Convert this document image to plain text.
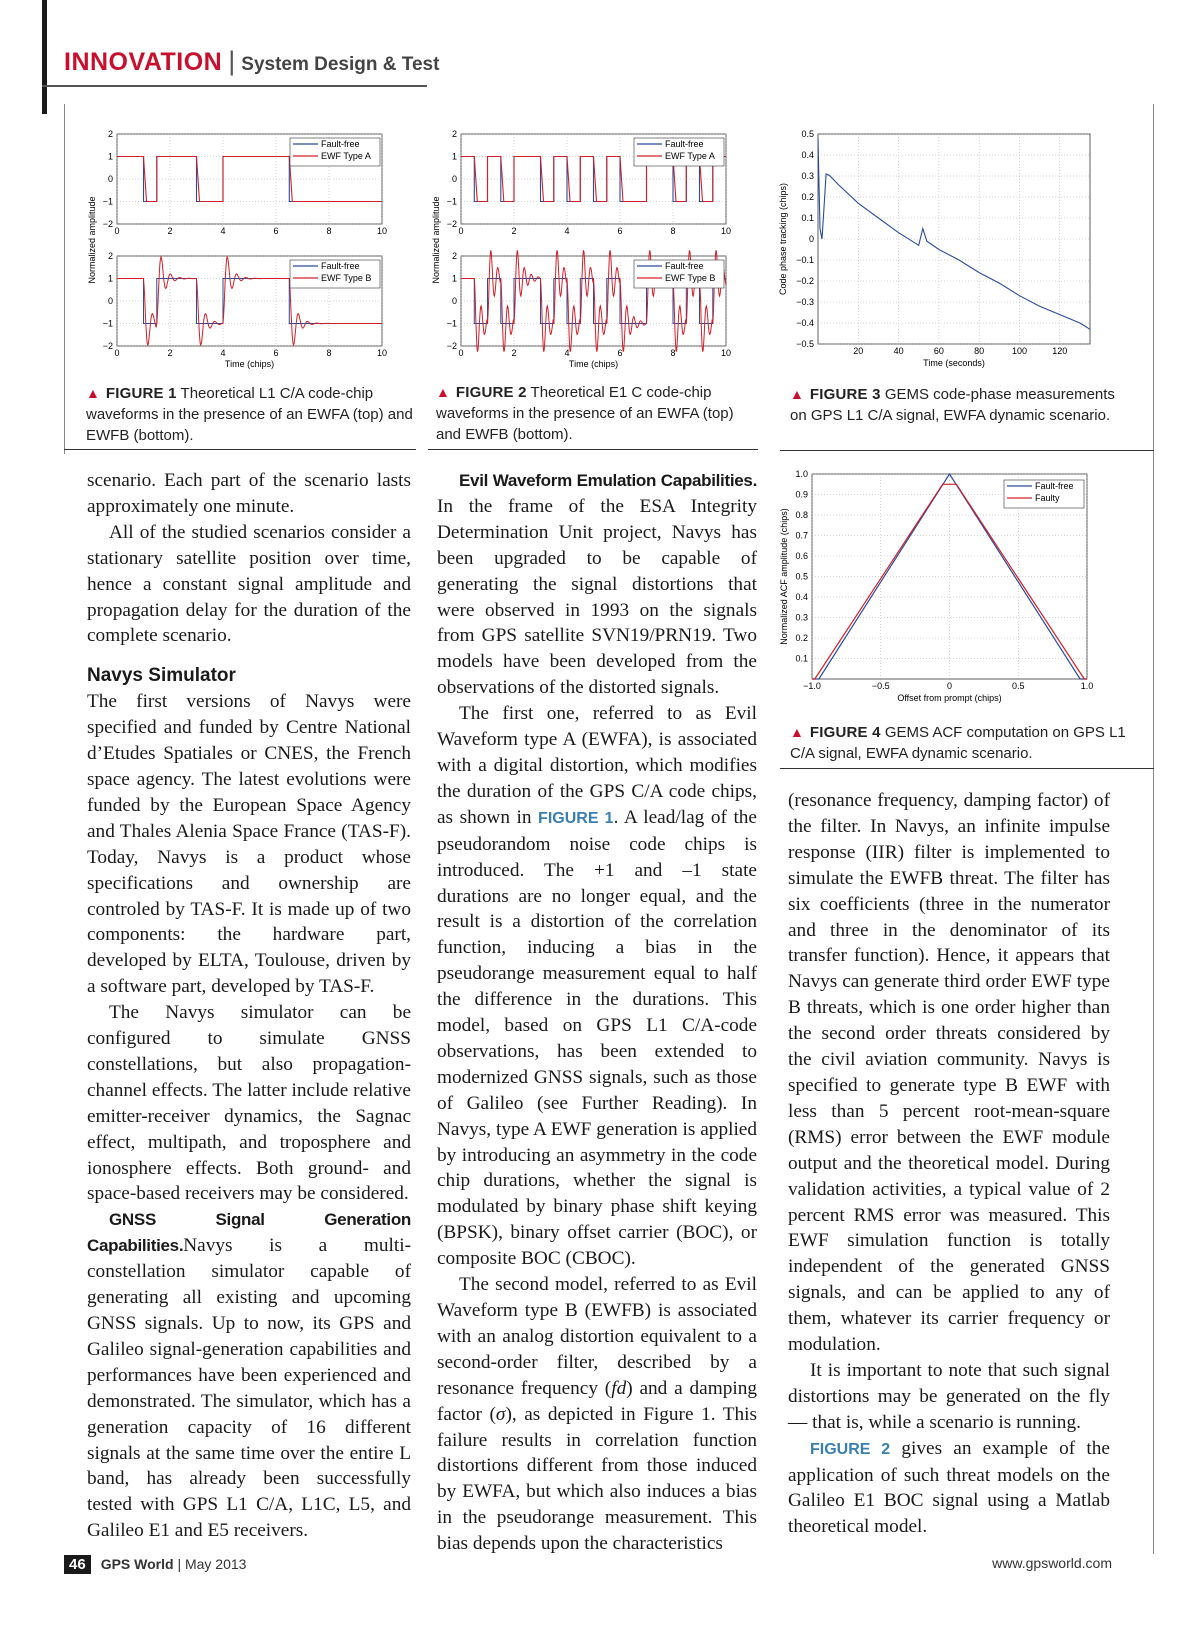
INNOVATION | System Design & Test
0	2	4	6	8	10
2
1
0
−1
−2
Fault-free
EWF Type A
0	2	4	6	8	10
2
1
0
−1
−2
Fault-free
EWF Type B
Time (chips)
Normalized amplitude
▲ FIGURE 1 Theoretical L1 C/A code-chip waveforms in the presence of an EWFA (top) and EWFB (bottom).
0	2	4	6	8	10
2
1
0
−1
−2
Fault-free
EWF Type A
0	2	4	6	8	10
2
1
0
−1
−2
Fault-free
EWF Type B
Time (chips)
Normalized amplitude
▲ FIGURE 2 Theoretical E1 C code-chip waveforms in the presence of an EWFA (top) and EWFB (bottom).
20	40	60	80	100	120
0.5
0.4
0.3
0.2
0.1
0
−0.1
−0.2
−0.3
−0.4
−0.5
Time (seconds)
Code phase tracking (chips)
▲ FIGURE 3 GEMS code-phase measurements on GPS L1 C/A signal, EWFA dynamic scenario.
−1.0	−0.5	0	0.5	1.0
1.0
0.9
0.8
0.7
0.6
0.5
0.4
0.3
0.2
0.1
Fault-free
Faulty
Offset from prompt (chips)
Normalized ACF amplitude (chips)
▲ FIGURE 4 GEMS ACF computation on GPS L1 C/A signal, EWFA dynamic scenario.

scenario. Each part of the scenario lasts approximately one minute.

All of the studied scenarios consider a stationary satellite position over time, hence a constant signal amplitude and propagation delay for the duration of the complete scenario.

Navys Simulator

The first versions of Navys were specified and funded by Centre National d’Etudes Spatiales or CNES, the French space agency. The latest evolutions were funded by the European Space Agency and Thales Alenia Space France (TAS-F). Today, Navys is a product whose specifications and ownership are controled by TAS-F. It is made up of two components: the hardware part, developed by ELTA, Toulouse, driven by a software part, developed by TAS-F.

The Navys simulator can be configured to simulate GNSS constellations, but also propagation-channel effects. The latter include relative emitter-receiver dynamics, the Sagnac effect, multipath, and troposphere and ionosphere effects. Both ground- and space-based receivers may be considered.

GNSS Signal Generation Capabilities.Navys is a multi-constellation simulator capable of generating all existing and upcoming GNSS signals. Up to now, its GPS and Galileo signal-generation capabilities and performances have been experienced and demonstrated. The simulator, which has a generation capacity of 16 different signals at the same time over the entire L band, has already been successfully tested with GPS L1 C/A, L1C, L5, and Galileo E1 and E5 receivers.

Evil Waveform Emulation Capabilities. In the frame of the ESA Integrity Determination Unit project, Navys has been upgraded to be capable of generating the signal distortions that were observed in 1993 on the signals from GPS satellite SVN19/PRN19. Two models have been developed from the observations of the distorted signals.

The first one, referred to as Evil Waveform type A (EWFA), is associated with a digital distortion, which modifies the duration of the GPS C/A code chips, as shown in FIGURE 1. A lead/lag of the pseudorandom noise code chips is introduced. The +1 and –1 state durations are no longer equal, and the result is a distortion of the correlation function, inducing a bias in the pseudorange measurement equal to half the difference in the durations. This model, based on GPS L1 C/A-code observations, has been extended to modernized GNSS signals, such as those of Galileo (see Further Reading). In Navys, type A EWF generation is applied by introducing an asymmetry in the code chip durations, whether the signal is modulated by binary phase shift keying (BPSK), binary offset carrier (BOC), or composite BOC (CBOC).

The second model, referred to as Evil Waveform type B (EWFB) is associated with an analog distortion equivalent to a second-order filter, described by a resonance frequency (fd) and a damping factor (σ), as depicted in Figure 1. This failure results in correlation function distortions different from those induced by EWFA, but which also induces a bias in the pseudorange measurement. This bias depends upon the characteristics

(resonance frequency, damping factor) of the filter. In Navys, an infinite impulse response (IIR) filter is implemented to simulate the EWFB threat. The filter has six coefficients (three in the numerator and three in the denominator of its transfer function). Hence, it appears that Navys can generate third order EWF type B threats, which is one order higher than the second order threats considered by the civil aviation community. Navys is specified to generate type B EWF with less than 5 percent root-mean-square (RMS) error between the EWF module output and the theoretical model. During validation activities, a typical value of 2 percent RMS error was measured. This EWF simulation function is totally independent of the generated GNSS signals, and can be applied to any of them, whatever its carrier frequency or modulation.

It is important to note that such signal distortions may be generated on the fly — that is, while a scenario is running.

FIGURE 2 gives an example of the application of such threat models on the Galileo E1 BOC signal using a Matlab theoretical model.

46 GPS World | May 2013	www.gpsworld.com
